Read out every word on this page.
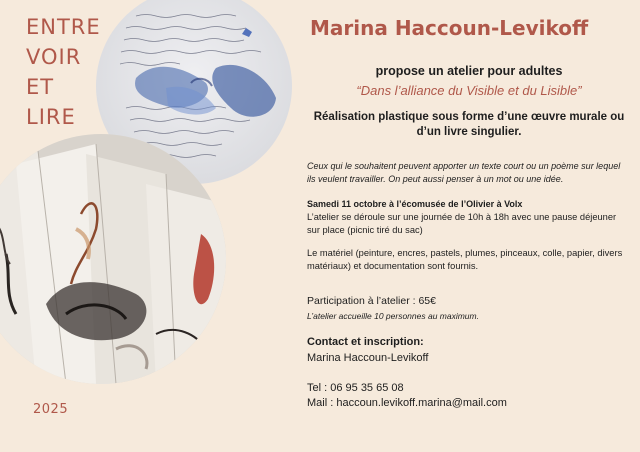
ENTRE
VOIR
ET
LIRE
2025
Marina Haccoun-Levikoff
propose un atelier pour adultes
“Dans l’alliance du Visible et du Lisible”
Réalisation plastique sous forme d’une œuvre murale ou d’un livre singulier.
Ceux qui le souhaitent peuvent apporter un texte court ou un poème sur lequel ils veulent travailler. On peut aussi penser à un mot ou une idée.
Samedi 11 octobre à l’écomusée de l’Olivier à Volx
L’atelier se déroule sur une journée de 10h à 18h avec une pause déjeuner sur place (picnic tiré du sac)
Le matériel (peinture, encres, pastels, plumes, pinceaux, colle, papier, divers matériaux) et documentation sont fournis.
Participation à l’atelier : 65€
L’atelier accueille 10 personnes au maximum.
Contact et inscription:
Marina Haccoun-Levikoff
Tel : 06 95 35 65 08
Mail : haccoun.levikoff.marina@mail.com
